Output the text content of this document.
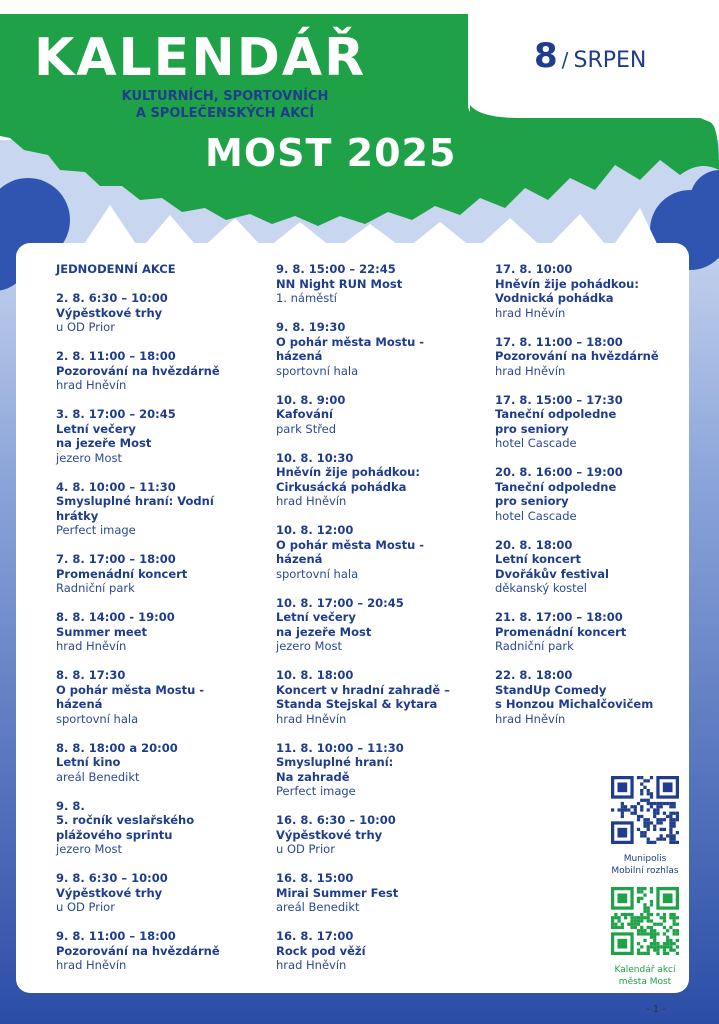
KALENDÁŘ
KULTURNÍCH, SPORTOVNÍCH
A SPOLEČENSKÝCH AKCÍ
MOST 2025
8 / SRPEN
JEDNODENNÍ AKCE
2. 8. 6:30 – 10:00
Výpěstkové trhy
u OD Prior
2. 8. 11:00 – 18:00
Pozorování na hvězdárně
hrad Hněvín
3. 8. 17:00 – 20:45
Letní večery
na jezeře Most
jezero Most
4. 8. 10:00 – 11:30
Smysluplné hraní: Vodní
hrátky
Perfect image
7. 8. 17:00 – 18:00
Promenádní koncert
Radniční park
8. 8. 14:00 - 19:00
Summer meet
hrad Hněvín
8. 8. 17:30
O pohár města Mostu -
házená
sportovní hala
8. 8. 18:00 a 20:00
Letní kino
areál Benedikt
9. 8.
5. ročník veslařského
plážového sprintu
jezero Most
9. 8. 6:30 – 10:00
Výpěstkové trhy
u OD Prior
9. 8. 11:00 – 18:00
Pozorování na hvězdárně
hrad Hněvín
9. 8. 15:00 – 22:45
NN Night RUN Most
1. náměstí
9. 8. 19:30
O pohár města Mostu -
házená
sportovní hala
10. 8. 9:00
Kafování
park Střed
10. 8. 10:30
Hněvín žije pohádkou:
Cirkusácká pohádka
hrad Hněvín
10. 8. 12:00
O pohár města Mostu -
házená
sportovní hala
10. 8. 17:00 – 20:45
Letní večery
na jezeře Most
jezero Most
10. 8. 18:00
Koncert v hradní zahradě –
Standa Stejskal & kytara
hrad Hněvín
11. 8. 10:00 – 11:30
Smysluplné hraní:
Na zahradě
Perfect image
16. 8. 6:30 – 10:00
Výpěstkové trhy
u OD Prior
16. 8. 15:00
Mirai Summer Fest
areál Benedikt
16. 8. 17:00
Rock pod věží
hrad Hněvín
17. 8. 10:00
Hněvín žije pohádkou:
Vodnická pohádka
hrad Hněvín
17. 8. 11:00 – 18:00
Pozorování na hvězdárně
hrad Hněvín
17. 8. 15:00 – 17:30
Taneční odpoledne
pro seniory
hotel Cascade
20. 8. 16:00 – 19:00
Taneční odpoledne
pro seniory
hotel Cascade
20. 8. 18:00
Letní koncert
Dvořákův festival
děkanský kostel
21. 8. 17:00 – 18:00
Promenádní koncert
Radniční park
22. 8. 18:00
StandUp Comedy
s Honzou Michalčovičem
hrad Hněvín
Munipolis
Mobilní rozhlas
Kalendář akcí
města Most
- 1 -
